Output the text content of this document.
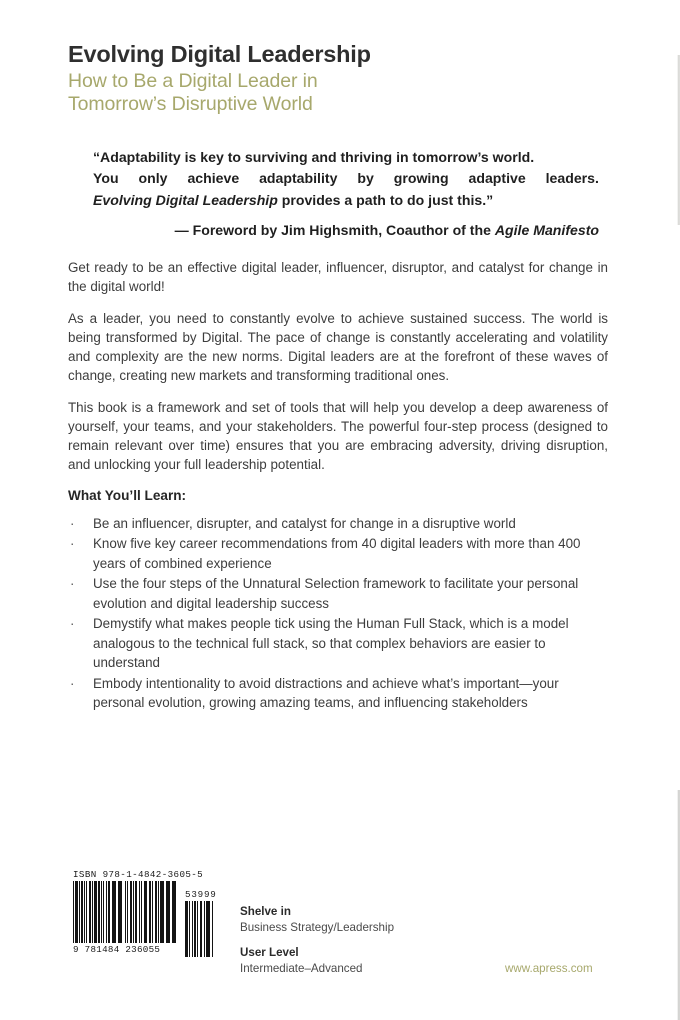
Evolving Digital Leadership
How to Be a Digital Leader in
Tomorrow’s Disruptive World
“Adaptability is key to surviving and thriving in tomorrow’s world.
You only achieve adaptability by growing adaptive leaders.
Evolving Digital Leadership provides a path to do just this.”
— Foreword by Jim Highsmith, Coauthor of the Agile Manifesto

Get ready to be an effective digital leader, influencer, disruptor, and catalyst for change in the digital world!

As a leader, you need to constantly evolve to achieve sustained success. The world is being transformed by Digital. The pace of change is constantly accelerating and volatility and complexity are the new norms. Digital leaders are at the forefront of these waves of change, creating new markets and transforming traditional ones.

This book is a framework and set of tools that will help you develop a deep awareness of yourself, your teams, and your stakeholders. The powerful four-step process (designed to remain relevant over time) ensures that you are embracing adversity, driving disruption, and unlocking your full leadership potential.

What You’ll Learn:
· Be an influencer, disrupter, and catalyst for change in a disruptive world
· Know five key career recommendations from 40 digital leaders with more than 400 years of combined experience
· Use the four steps of the Unnatural Selection framework to facilitate your personal evolution and digital leadership success
· Demystify what makes people tick using the Human Full Stack, which is a model analogous to the technical full stack, so that complex behaviors are easier to understand
· Embody intentionality to avoid distractions and achieve what’s important—your personal evolution, growing amazing teams, and influencing stakeholders
ISBN 978-1-4842-3605-5
9 781484 236055
53999
Shelve in
Business Strategy/Leadership
User Level
Intermediate–Advanced	www.apress.com
